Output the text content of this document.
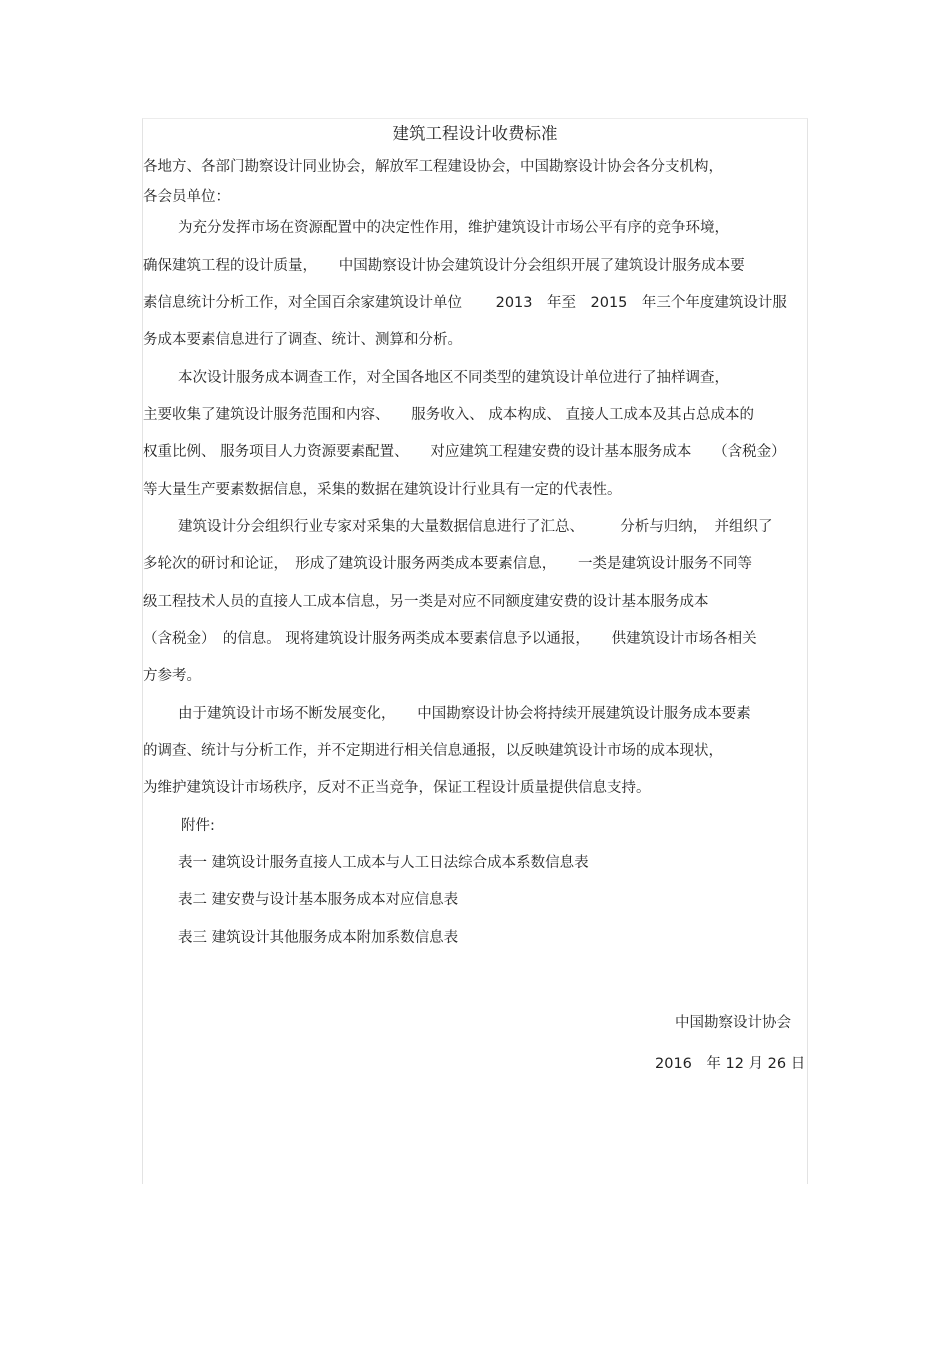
建筑工程设计收费标准
各地方、各部门勘察设计同业协会，解放军工程建设协会，中国勘察设计协会各分支机构，
各会员单位：
为充分发挥市场在资源配置中的决定性作用，维护建筑设计市场公平有序的竞争环境，
确保建筑工程的设计质量，　　中国勘察设计协会建筑设计分会组织开展了建筑设计服务成本要
素信息统计分析工作，对全国百余家建筑设计单位　　 2013　年至　2015　年三个年度建筑设计服
务成本要素信息进行了调查、统计、测算和分析。
本次设计服务成本调查工作，对全国各地区不同类型的建筑设计单位进行了抽样调查，
主要收集了建筑设计服务范围和内容、　　服务收入、 成本构成、 直接人工成本及其占总成本的
权重比例、 服务项目人力资源要素配置、　　对应建筑工程建安费的设计基本服务成本　　（含税金）
等大量生产要素数据信息，采集的数据在建筑设计行业具有一定的代表性。
建筑设计分会组织行业专家对采集的大量数据信息进行了汇总、　　　分析与归纳，　并组织了
多轮次的研讨和论证，　形成了建筑设计服务两类成本要素信息，　　一类是建筑设计服务不同等
级工程技术人员的直接人工成本信息，另一类是对应不同额度建安费的设计基本服务成本
（含税金）　的信息。 现将建筑设计服务两类成本要素信息予以通报，　　供建筑设计市场各相关
方参考。
由于建筑设计市场不断发展变化，　　中国勘察设计协会将持续开展建筑设计服务成本要素
的调查、统计与分析工作，并不定期进行相关信息通报，以反映建筑设计市场的成本现状，
为维护建筑设计市场秩序，反对不正当竞争，保证工程设计质量提供信息支持。
附件:
表一 建筑设计服务直接人工成本与人工日法综合成本系数信息表
表二 建安费与设计基本服务成本对应信息表
表三 建筑设计其他服务成本附加系数信息表
中国勘察设计协会
2016　年 12 月 26 日
